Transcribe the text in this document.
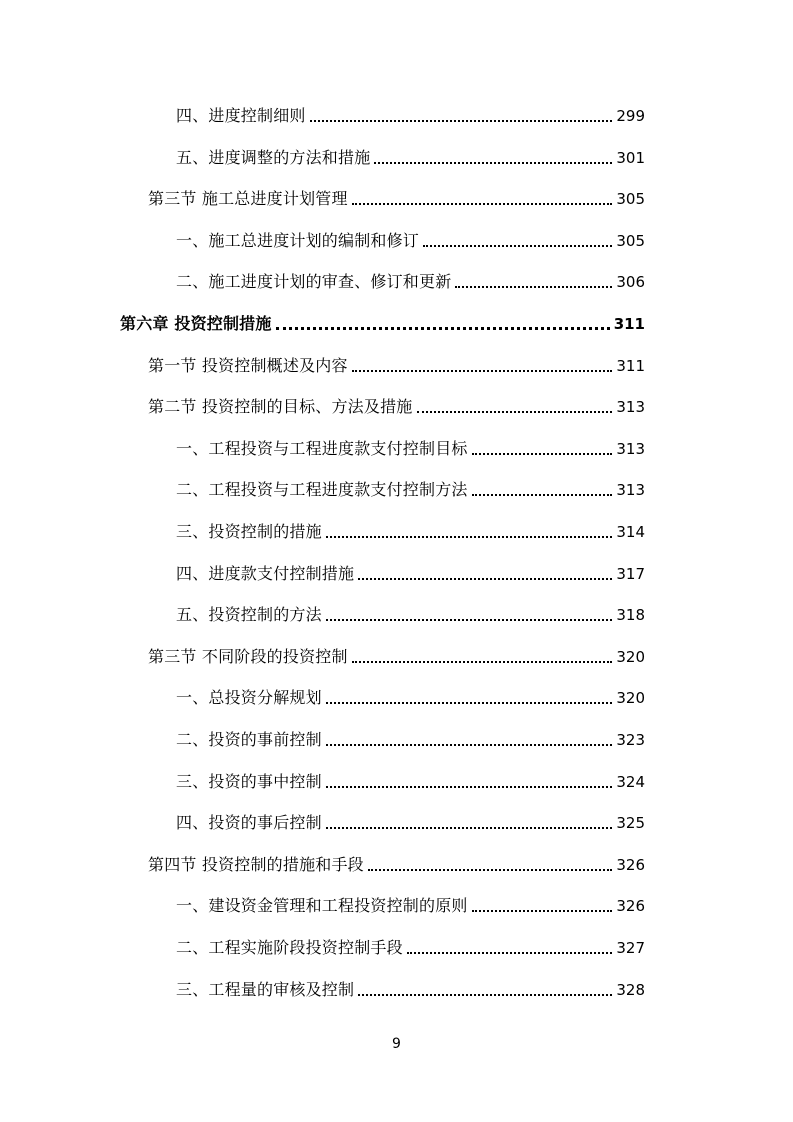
四、进度控制细则	299
五、进度调整的方法和措施	301
第三节 施工总进度计划管理	305
一、施工总进度计划的编制和修订	305
二、施工进度计划的审查、修订和更新	306
第六章 投资控制措施	311
第一节 投资控制概述及内容	311
第二节 投资控制的目标、方法及措施	313
一、工程投资与工程进度款支付控制目标	313
二、工程投资与工程进度款支付控制方法	313
三、投资控制的措施	314
四、进度款支付控制措施	317
五、投资控制的方法	318
第三节 不同阶段的投资控制	320
一、总投资分解规划	320
二、投资的事前控制	323
三、投资的事中控制	324
四、投资的事后控制	325
第四节 投资控制的措施和手段	326
一、建设资金管理和工程投资控制的原则	326
二、工程实施阶段投资控制手段	327
三、工程量的审核及控制	328
9
